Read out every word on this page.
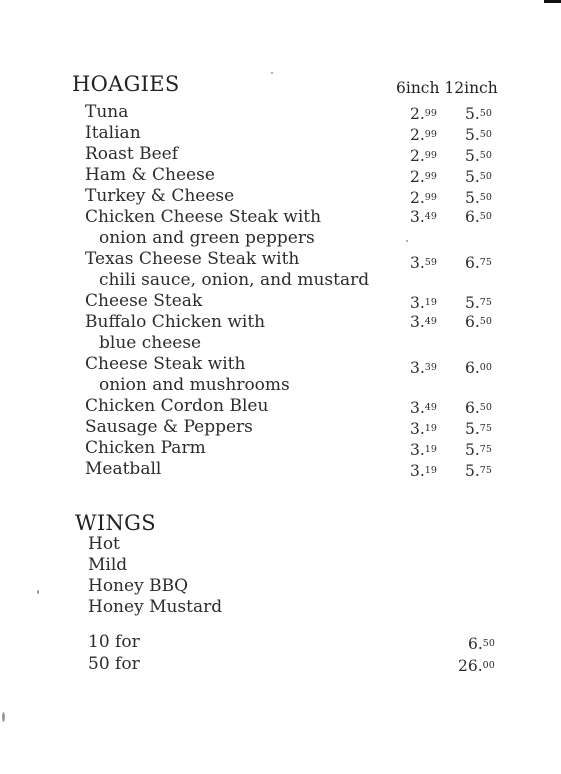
HOAGIES	6inch 12inch
Tuna	2.99 5.50
Italian	2.99 5.50
Roast Beef	2.99 5.50
Ham & Cheese	2.99 5.50
Turkey & Cheese	2.99 5.50
Chicken Cheese Steak with
onion and green peppers
3.49 6.50
Texas Cheese Steak with
chili sauce, onion, and mustard
3.59 6.75
Cheese Steak	3.19 5.75
Buffalo Chicken with
blue cheese
3.49 6.50
Cheese Steak with
onion and mushrooms
3.39 6.00
Chicken Cordon Bleu	3.49 6.50
Sausage & Peppers	3.19 5.75
Chicken Parm	3.19 5.75
Meatball	3.19 5.75
WINGS
Hot
Mild
Honey BBQ
Honey Mustard
10 for	6.50
50 for	26.00
